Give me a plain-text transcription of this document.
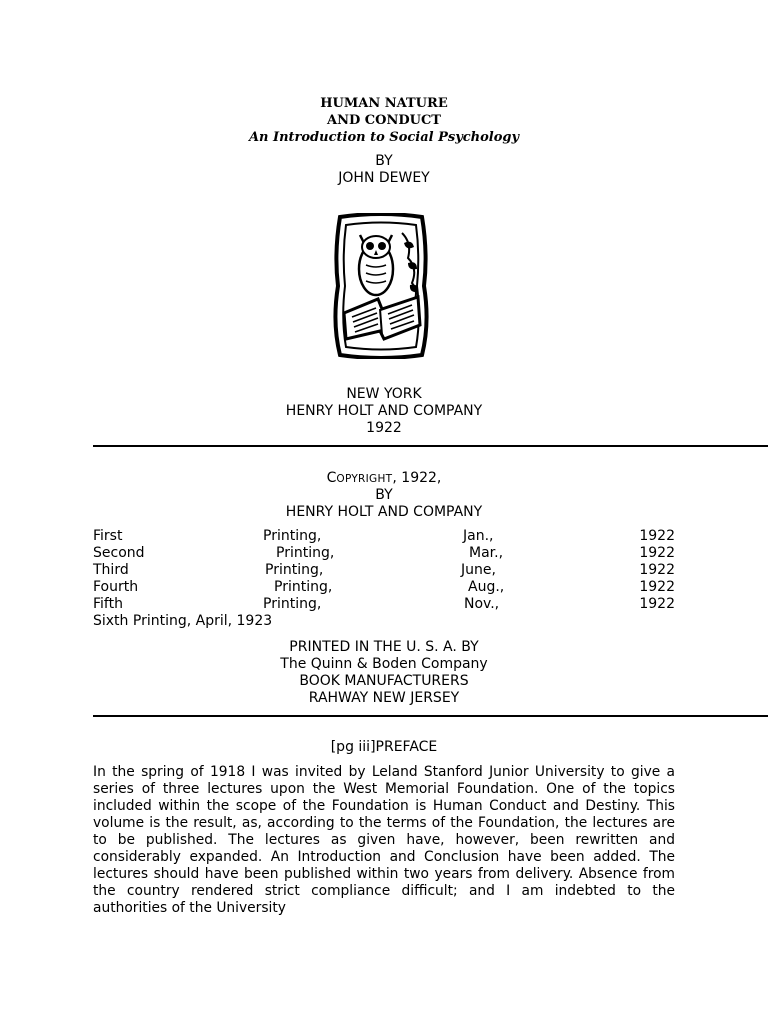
HUMAN NATURE
AND CONDUCT
An Introduction to Social Psychology
BY
JOHN DEWEY
NEW YORK
HENRY HOLT AND COMPANY
1922
COPYRIGHT, 1922,
BY
HENRY HOLT AND COMPANY
First	Printing,	Jan.,	1922
Second	Printing,	Mar.,	1922
Third	Printing,	June,	1922
Fourth	Printing,	Aug.,	1922
Fifth	Printing,	Nov.,	1922
Sixth Printing, April, 1923
PRINTED IN THE U. S. A. BY
The Quinn & Boden Company
BOOK MANUFACTURERS
RAHWAY NEW JERSEY
[pg iii]PREFACE
In the spring of 1918 I was invited by Leland Stanford Junior University to give a series of three lectures upon the West Memorial Foundation. One of the topics included within the scope of the Foundation is Human Conduct and Destiny. This volume is the result, as, according to the terms of the Foundation, the lectures are to be published. The lectures as given have, however, been rewritten and considerably expanded. An Introduction and Conclusion have been added. The lectures should have been published within two years from delivery. Absence from the country rendered strict compliance difficult; and I am indebted to the authorities of the University
